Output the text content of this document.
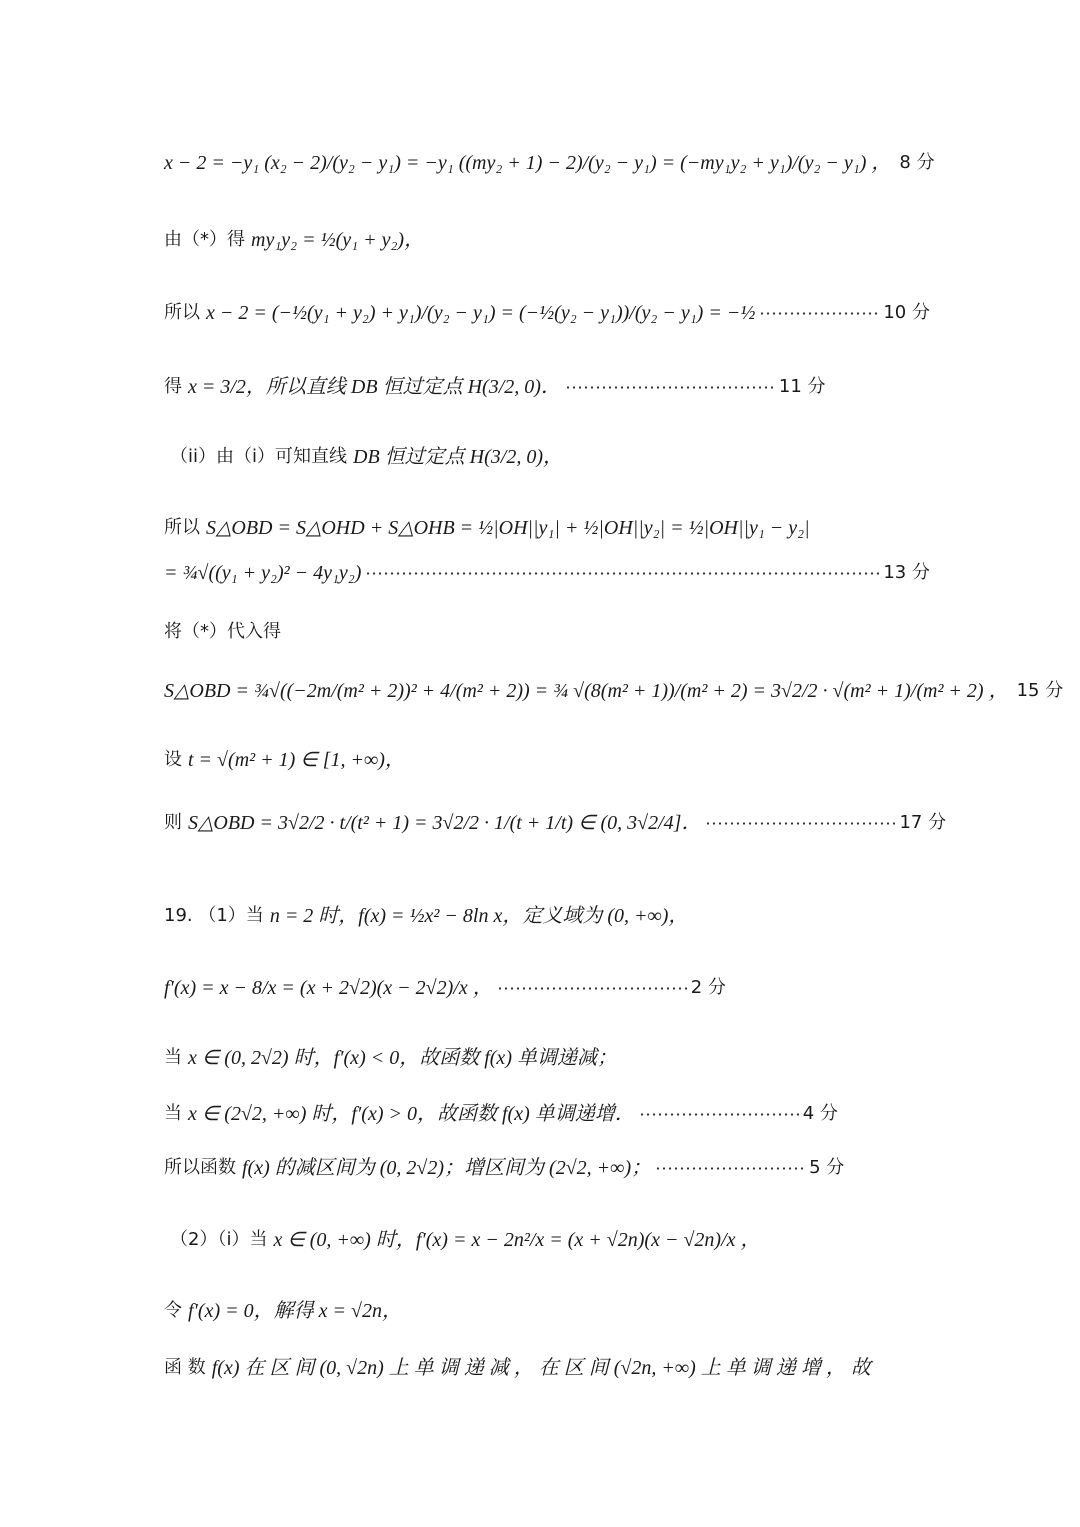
x − 2 = −y₁ (x₂ − 2)/(y₂ − y₁) = −y₁ ((my₂ + 1) − 2)/(y₂ − y₁) = (−my₁y₂ + y₁)/(y₂ − y₁) ， 8 分
由（*）得 my₁y₂ = ½(y₁ + y₂)，
所以 x − 2 = (−½(y₁ + y₂) + y₁)/(y₂ − y₁) = (−½(y₂ − y₁))/(y₂ − y₁) = −½	10 分
得 x = 3/2，所以直线 DB 恒过定点 H(3/2, 0)．	11 分
（ii）由（i）可知直线 DB 恒过定点 H(3/2, 0)，
所以 S△OBD = S△OHD + S△OHB = ½|OH||y₁| + ½|OH||y₂| = ½|OH||y₁ − y₂|
= ¾√((y₁ + y₂)² − 4y₁y₂)	13 分
将（*）代入得
S△OBD = ¾√((−2m/(m² + 2))² + 4/(m² + 2)) = ¾ √(8(m² + 1))/(m² + 2) = 3√2/2 · √(m² + 1)/(m² + 2) ， 15 分
设 t = √(m² + 1) ∈ [1, +∞)，
则 S△OBD = 3√2/2 · t/(t² + 1) = 3√2/2 · 1/(t + 1/t) ∈ (0, 3√2/4]．	17 分
19. （1）当 n = 2 时，f(x) = ½x² − 8ln x，定义域为 (0, +∞)，
f′(x) = x − 8/x = (x + 2√2)(x − 2√2)/x ，	2 分
当 x ∈ (0, 2√2) 时，f′(x) < 0，故函数 f(x) 单调递减；
当 x ∈ (2√2, +∞) 时，f′(x) > 0，故函数 f(x) 单调递增．	4 分
所以函数 f(x) 的减区间为 (0, 2√2)；增区间为 (2√2, +∞)；	5 分
（2）（i）当 x ∈ (0, +∞) 时，f′(x) = x − 2n²/x = (x + √2n)(x − √2n)/x ，
令 f′(x) = 0，解得 x = √2n，
函 数 f(x) 在 区 间 (0, √2n) 上 单 调 递 减 ， 在 区 间 (√2n, +∞) 上 单 调 递 增 ， 故
